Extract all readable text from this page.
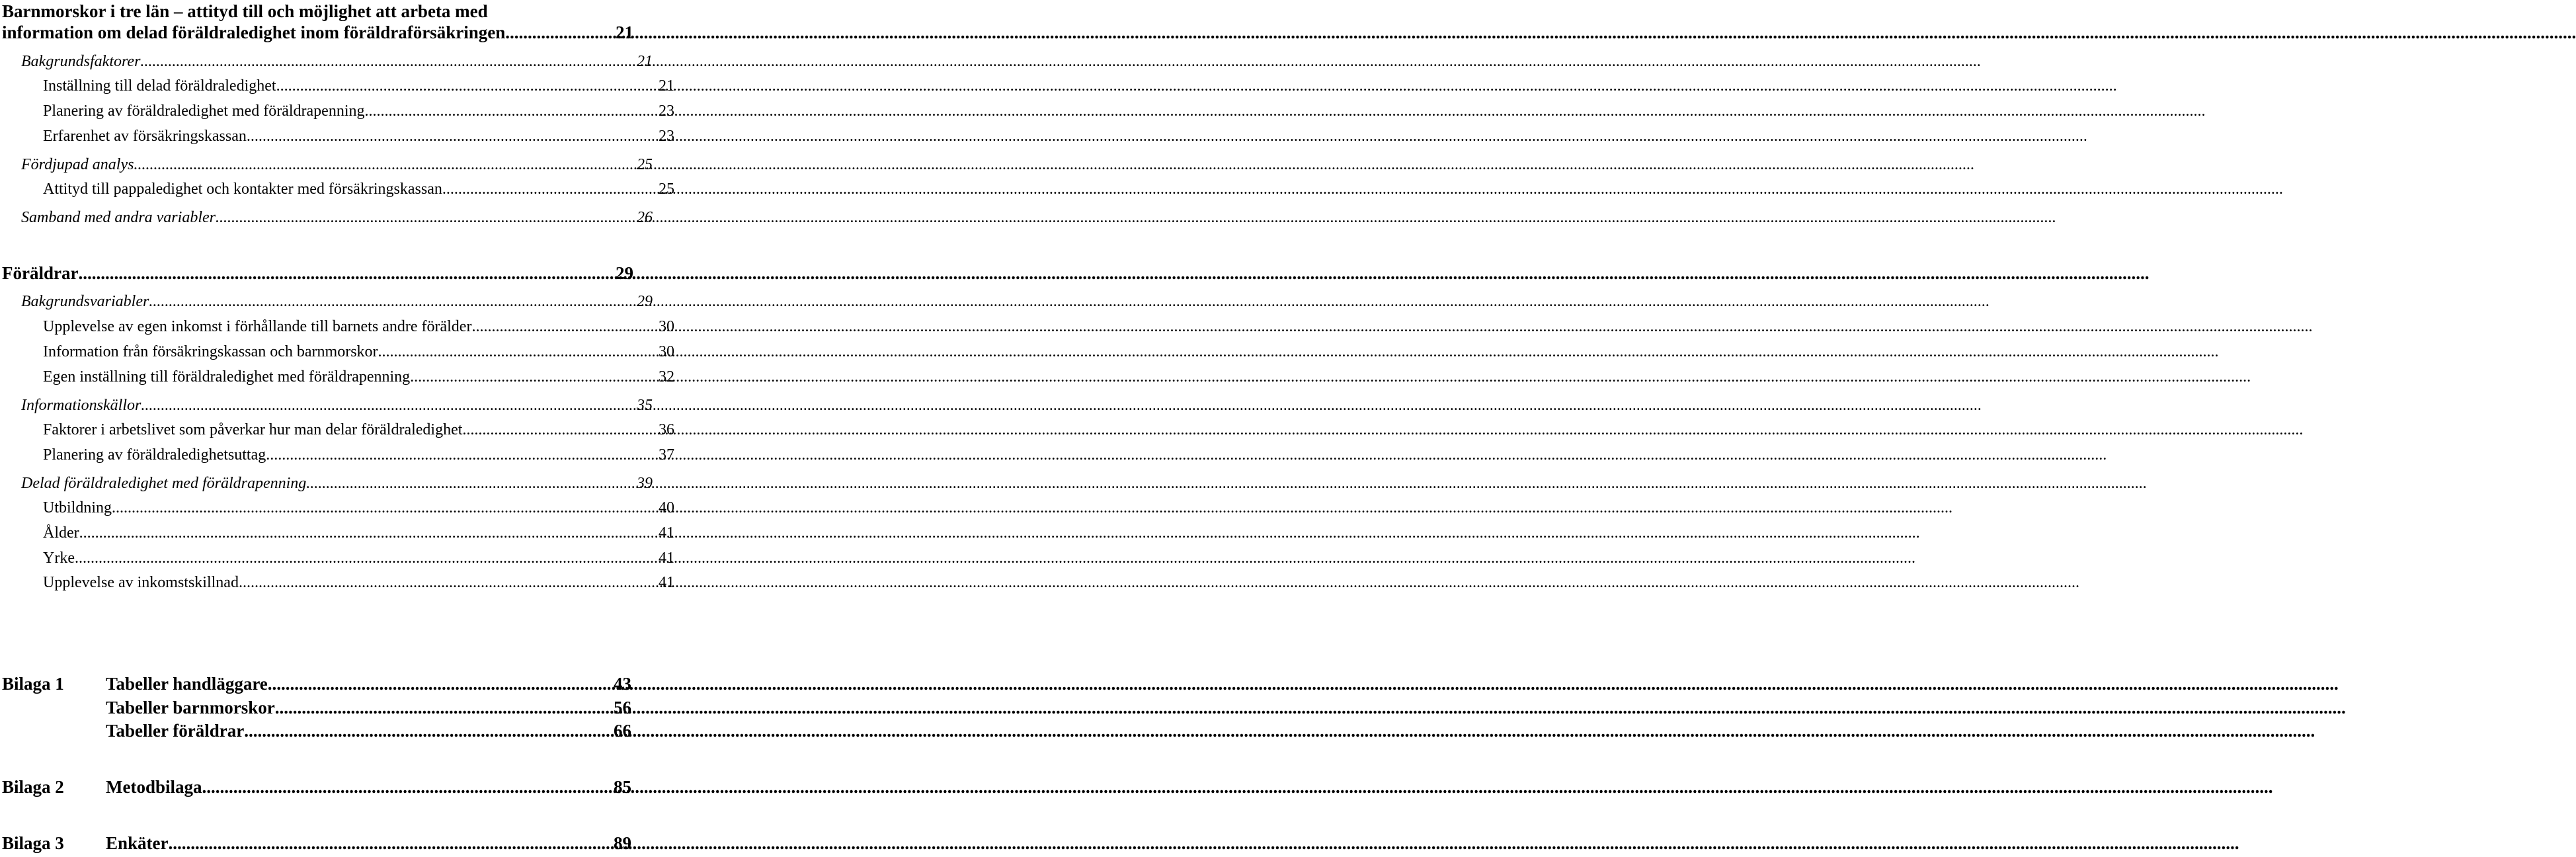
Barnmorskor i tre län – attityd till och möjlighet att arbeta med
information om delad föräldraledighet inom föräldraförsäkringen .....	21
Bakgrundsfaktorer .....	21
Inställning till delad föräldraledighet .....	21
Planering av föräldraledighet med föräldrapenning .....	23
Erfarenhet av försäkringskassan .....	23
Fördjupad analys .....	25
Attityd till pappaledighet och kontakter med försäkringskassan .....	25
Samband med andra variabler .....	26
Föräldrar .....	29
Bakgrundsvariabler .....	29
Upplevelse av egen inkomst i förhållande till barnets andre förälder .....	30
Information från försäkringskassan och barnmorskor .....	30
Egen inställning till föräldraledighet med föräldrapenning .....	32
Informationskällor .....	35
Faktorer i arbetslivet som påverkar hur man delar föräldraledighet .....	36
Planering av föräldraledighetsuttag .....	37
Delad föräldraledighet med föräldrapenning .....	39
Utbildning .....	40
Ålder .....	41
Yrke .....	41
Upplevelse av inkomstskillnad .....	41
Bilaga 1 Tabeller handläggare .....	43
Tabeller barnmorskor .....	56
Tabeller föräldrar .....	66
Bilaga 2 Metodbilaga .....	85
Bilaga 3 Enkäter .....	89
